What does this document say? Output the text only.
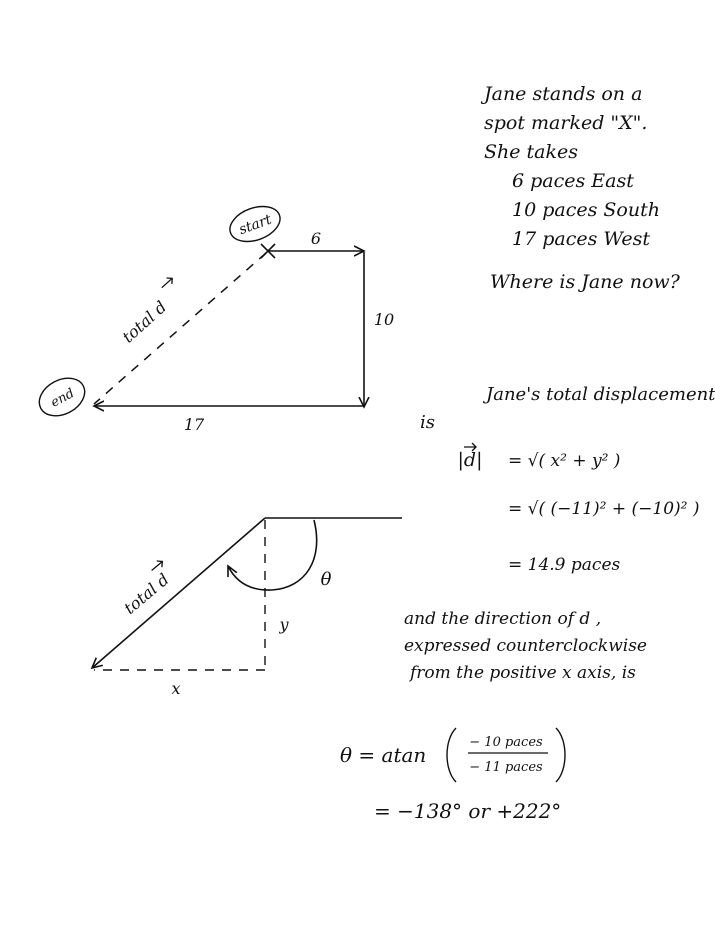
Jane stands on a
spot marked "X".
She takes
6 paces East
10 paces South
17 paces West
Where is Jane now?
Jane's total displacement
is
and the direction of d ,
expressed counterclockwise
from the positive x axis, is
start
6
10
17
total d
end
θ
total d
x
y
|d| = √( x² + y² )
= √( (−11)² + (−10)² )
= 14.9 paces
θ = atan
− 10 paces
− 11 paces
= −138° or +222°
